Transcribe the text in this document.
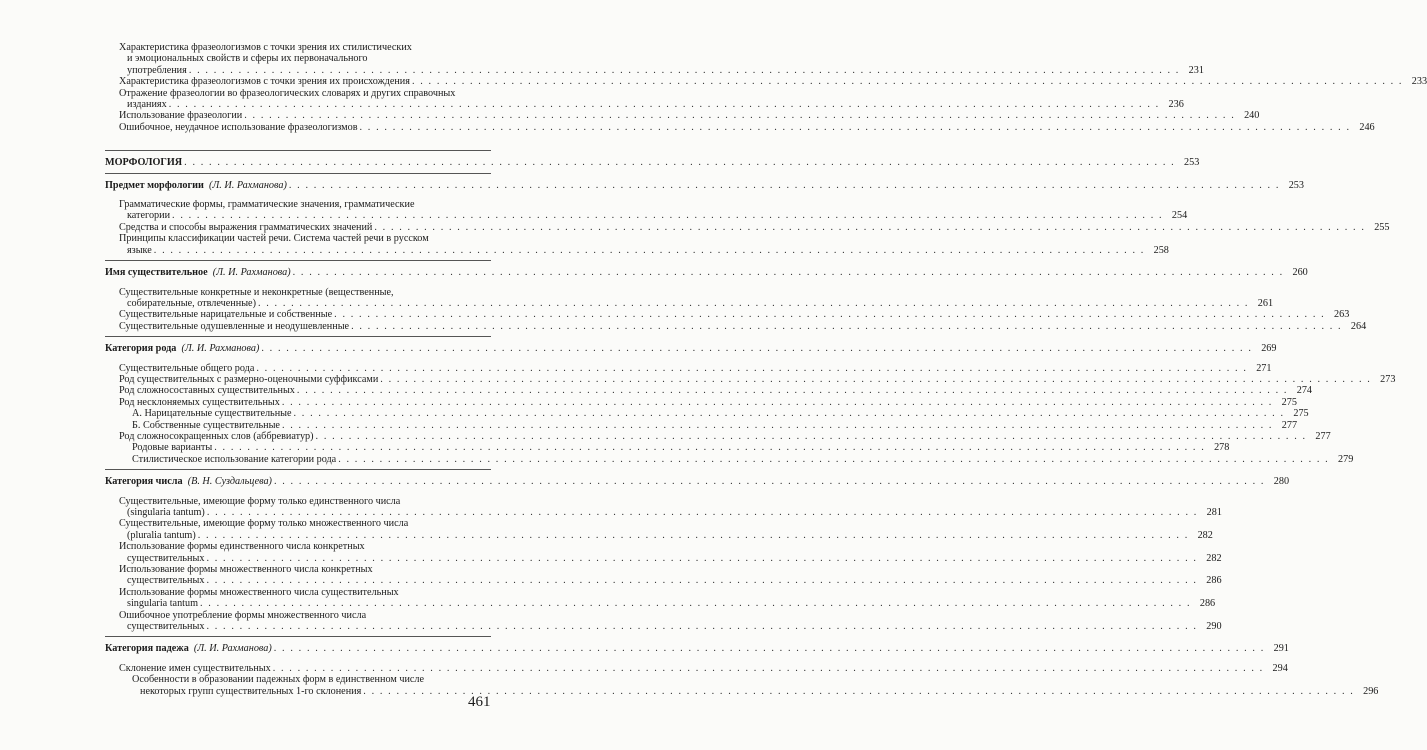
Характеристика фразеологизмов с точки зрения их стилистических
и эмоциональных свойств и сферы их первоначального
употребления . . . . . . . . . . . . . . . . . . . . . . . . . . . . . . . . . . . . . . . . . . . . . . . . . . . . . . . . . . . . . . . . . . . . . . . . . . . . . . . . . . . . . . . . . . . . . . . . . . . . . . . . . . . . . . . . . . . . . . . . 231
Характеристика фразеологизмов с точки зрения их происхождения . . . . . . . . . . . . . . . . . . . . . . . . . . . . . . . . . . . . . . . . . . . . . . . . . . . . . . . . . . . . . . . . . . . . . . . . . . . . . . . . . . . . . . . . . . . . . . . . . . . . . . . . . . . . . . . . . . . . . . . . 233
Отражение фразеологии во фразеологических словарях и других справочных
изданиях . . . . . . . . . . . . . . . . . . . . . . . . . . . . . . . . . . . . . . . . . . . . . . . . . . . . . . . . . . . . . . . . . . . . . . . . . . . . . . . . . . . . . . . . . . . . . . . . . . . . . . . . . . . . . . . . . . . . . . . . 236
Использование фразеологии . . . . . . . . . . . . . . . . . . . . . . . . . . . . . . . . . . . . . . . . . . . . . . . . . . . . . . . . . . . . . . . . . . . . . . . . . . . . . . . . . . . . . . . . . . . . . . . . . . . . . . . . . . . . . . . . . . . . . . . . 240
Ошибочное, неудачное использование фразеологизмов . . . . . . . . . . . . . . . . . . . . . . . . . . . . . . . . . . . . . . . . . . . . . . . . . . . . . . . . . . . . . . . . . . . . . . . . . . . . . . . . . . . . . . . . . . . . . . . . . . . . . . . . . . . . . . . . . . . . . . . . 246
МОРФОЛОГИЯ . . . . . . . . . . . . . . . . . . . . . . . . . . . . . . . . . . . . . . . . . . . . . . . . . . . . . . . . . . . . . . . . . . . . . . . . . . . . . . . . . . . . . . . . . . . . . . . . . . . . . . . . . . . . . . . . . . . . . . . . 253
Предмет морфологии (Л. И. Рахманова) . . . . . . . . . . . . . . . . . . . . . . . . . . . . . . . . . . . . . . . . . . . . . . . . . . . . . . . . . . . . . . . . . . . . . . . . . . . . . . . . . . . . . . . . . . . . . . . . . . . . . . . . . . . . . . . . . . . . . . . . 253
Грамматические формы, грамматические значения, грамматические
категории . . . . . . . . . . . . . . . . . . . . . . . . . . . . . . . . . . . . . . . . . . . . . . . . . . . . . . . . . . . . . . . . . . . . . . . . . . . . . . . . . . . . . . . . . . . . . . . . . . . . . . . . . . . . . . . . . . . . . . . . 254
Средства и способы выражения грамматических значений . . . . . . . . . . . . . . . . . . . . . . . . . . . . . . . . . . . . . . . . . . . . . . . . . . . . . . . . . . . . . . . . . . . . . . . . . . . . . . . . . . . . . . . . . . . . . . . . . . . . . . . . . . . . . . . . . . . . . . . . 255
Принципы классификации частей речи. Система частей речи в русском
языке . . . . . . . . . . . . . . . . . . . . . . . . . . . . . . . . . . . . . . . . . . . . . . . . . . . . . . . . . . . . . . . . . . . . . . . . . . . . . . . . . . . . . . . . . . . . . . . . . . . . . . . . . . . . . . . . . . . . . . . . 258
Имя существительное (Л. И. Рахманова) . . . . . . . . . . . . . . . . . . . . . . . . . . . . . . . . . . . . . . . . . . . . . . . . . . . . . . . . . . . . . . . . . . . . . . . . . . . . . . . . . . . . . . . . . . . . . . . . . . . . . . . . . . . . . . . . . . . . . . . . 260
Существительные конкретные и неконкретные (вещественные,
собирательные, отвлеченные) . . . . . . . . . . . . . . . . . . . . . . . . . . . . . . . . . . . . . . . . . . . . . . . . . . . . . . . . . . . . . . . . . . . . . . . . . . . . . . . . . . . . . . . . . . . . . . . . . . . . . . . . . . . . . . . . . . . . . . . . 261
Существительные нарицательные и собственные . . . . . . . . . . . . . . . . . . . . . . . . . . . . . . . . . . . . . . . . . . . . . . . . . . . . . . . . . . . . . . . . . . . . . . . . . . . . . . . . . . . . . . . . . . . . . . . . . . . . . . . . . . . . . . . . . . . . . . . . 263
Существительные одушевленные и неодушевленные . . . . . . . . . . . . . . . . . . . . . . . . . . . . . . . . . . . . . . . . . . . . . . . . . . . . . . . . . . . . . . . . . . . . . . . . . . . . . . . . . . . . . . . . . . . . . . . . . . . . . . . . . . . . . . . . . . . . . . . . 264
Категория рода (Л. И. Рахманова) . . . . . . . . . . . . . . . . . . . . . . . . . . . . . . . . . . . . . . . . . . . . . . . . . . . . . . . . . . . . . . . . . . . . . . . . . . . . . . . . . . . . . . . . . . . . . . . . . . . . . . . . . . . . . . . . . . . . . . . . 269
Существительные общего рода . . . . . . . . . . . . . . . . . . . . . . . . . . . . . . . . . . . . . . . . . . . . . . . . . . . . . . . . . . . . . . . . . . . . . . . . . . . . . . . . . . . . . . . . . . . . . . . . . . . . . . . . . . . . . . . . . . . . . . . . 271
Род существительных с размерно-оценочными суффиксами . . . . . . . . . . . . . . . . . . . . . . . . . . . . . . . . . . . . . . . . . . . . . . . . . . . . . . . . . . . . . . . . . . . . . . . . . . . . . . . . . . . . . . . . . . . . . . . . . . . . . . . . . . . . . . . . . . . . . . . . 273
Род сложносоставных существительных . . . . . . . . . . . . . . . . . . . . . . . . . . . . . . . . . . . . . . . . . . . . . . . . . . . . . . . . . . . . . . . . . . . . . . . . . . . . . . . . . . . . . . . . . . . . . . . . . . . . . . . . . . . . . . . . . . . . . . . . 274
Род несклоняемых существительных . . . . . . . . . . . . . . . . . . . . . . . . . . . . . . . . . . . . . . . . . . . . . . . . . . . . . . . . . . . . . . . . . . . . . . . . . . . . . . . . . . . . . . . . . . . . . . . . . . . . . . . . . . . . . . . . . . . . . . . . 275
А. Нарицательные существительные . . . . . . . . . . . . . . . . . . . . . . . . . . . . . . . . . . . . . . . . . . . . . . . . . . . . . . . . . . . . . . . . . . . . . . . . . . . . . . . . . . . . . . . . . . . . . . . . . . . . . . . . . . . . . . . . . . . . . . . . 275
Б. Собственные существительные . . . . . . . . . . . . . . . . . . . . . . . . . . . . . . . . . . . . . . . . . . . . . . . . . . . . . . . . . . . . . . . . . . . . . . . . . . . . . . . . . . . . . . . . . . . . . . . . . . . . . . . . . . . . . . . . . . . . . . . . 277
Род сложносокращенных слов (аббревиатур) . . . . . . . . . . . . . . . . . . . . . . . . . . . . . . . . . . . . . . . . . . . . . . . . . . . . . . . . . . . . . . . . . . . . . . . . . . . . . . . . . . . . . . . . . . . . . . . . . . . . . . . . . . . . . . . . . . . . . . . . 277
Родовые варианты . . . . . . . . . . . . . . . . . . . . . . . . . . . . . . . . . . . . . . . . . . . . . . . . . . . . . . . . . . . . . . . . . . . . . . . . . . . . . . . . . . . . . . . . . . . . . . . . . . . . . . . . . . . . . . . . . . . . . . . . 278
Стилистическое использование категории рода . . . . . . . . . . . . . . . . . . . . . . . . . . . . . . . . . . . . . . . . . . . . . . . . . . . . . . . . . . . . . . . . . . . . . . . . . . . . . . . . . . . . . . . . . . . . . . . . . . . . . . . . . . . . . . . . . . . . . . . . 279
Категория числа (В. Н. Суздальцева) . . . . . . . . . . . . . . . . . . . . . . . . . . . . . . . . . . . . . . . . . . . . . . . . . . . . . . . . . . . . . . . . . . . . . . . . . . . . . . . . . . . . . . . . . . . . . . . . . . . . . . . . . . . . . . . . . . . . . . . . 280
Существительные, имеющие форму только единственного числа
(singularia tantum) . . . . . . . . . . . . . . . . . . . . . . . . . . . . . . . . . . . . . . . . . . . . . . . . . . . . . . . . . . . . . . . . . . . . . . . . . . . . . . . . . . . . . . . . . . . . . . . . . . . . . . . . . . . . . . . . . . . . . . . . 281
Существительные, имеющие форму только множественного числа
(pluralia tantum) . . . . . . . . . . . . . . . . . . . . . . . . . . . . . . . . . . . . . . . . . . . . . . . . . . . . . . . . . . . . . . . . . . . . . . . . . . . . . . . . . . . . . . . . . . . . . . . . . . . . . . . . . . . . . . . . . . . . . . . . 282
Использование формы единственного числа конкретных
существительных . . . . . . . . . . . . . . . . . . . . . . . . . . . . . . . . . . . . . . . . . . . . . . . . . . . . . . . . . . . . . . . . . . . . . . . . . . . . . . . . . . . . . . . . . . . . . . . . . . . . . . . . . . . . . . . . . . . . . . . . 282
Использование формы множественного числа конкретных
существительных . . . . . . . . . . . . . . . . . . . . . . . . . . . . . . . . . . . . . . . . . . . . . . . . . . . . . . . . . . . . . . . . . . . . . . . . . . . . . . . . . . . . . . . . . . . . . . . . . . . . . . . . . . . . . . . . . . . . . . . . 286
Использование формы множественного числа существительных
singularia tantum . . . . . . . . . . . . . . . . . . . . . . . . . . . . . . . . . . . . . . . . . . . . . . . . . . . . . . . . . . . . . . . . . . . . . . . . . . . . . . . . . . . . . . . . . . . . . . . . . . . . . . . . . . . . . . . . . . . . . . . . 286
Ошибочное употребление формы множественного числа
существительных . . . . . . . . . . . . . . . . . . . . . . . . . . . . . . . . . . . . . . . . . . . . . . . . . . . . . . . . . . . . . . . . . . . . . . . . . . . . . . . . . . . . . . . . . . . . . . . . . . . . . . . . . . . . . . . . . . . . . . . . 290
Категория падежа (Л. И. Рахманова) . . . . . . . . . . . . . . . . . . . . . . . . . . . . . . . . . . . . . . . . . . . . . . . . . . . . . . . . . . . . . . . . . . . . . . . . . . . . . . . . . . . . . . . . . . . . . . . . . . . . . . . . . . . . . . . . . . . . . . . . 291
Склонение имен существительных . . . . . . . . . . . . . . . . . . . . . . . . . . . . . . . . . . . . . . . . . . . . . . . . . . . . . . . . . . . . . . . . . . . . . . . . . . . . . . . . . . . . . . . . . . . . . . . . . . . . . . . . . . . . . . . . . . . . . . . . 294
Особенности в образовании падежных форм в единственном числе
некоторых групп существительных 1-го склонения . . . . . . . . . . . . . . . . . . . . . . . . . . . . . . . . . . . . . . . . . . . . . . . . . . . . . . . . . . . . . . . . . . . . . . . . . . . . . . . . . . . . . . . . . . . . . . . . . . . . . . . . . . . . . . . . . . . . . . . . 296
461
